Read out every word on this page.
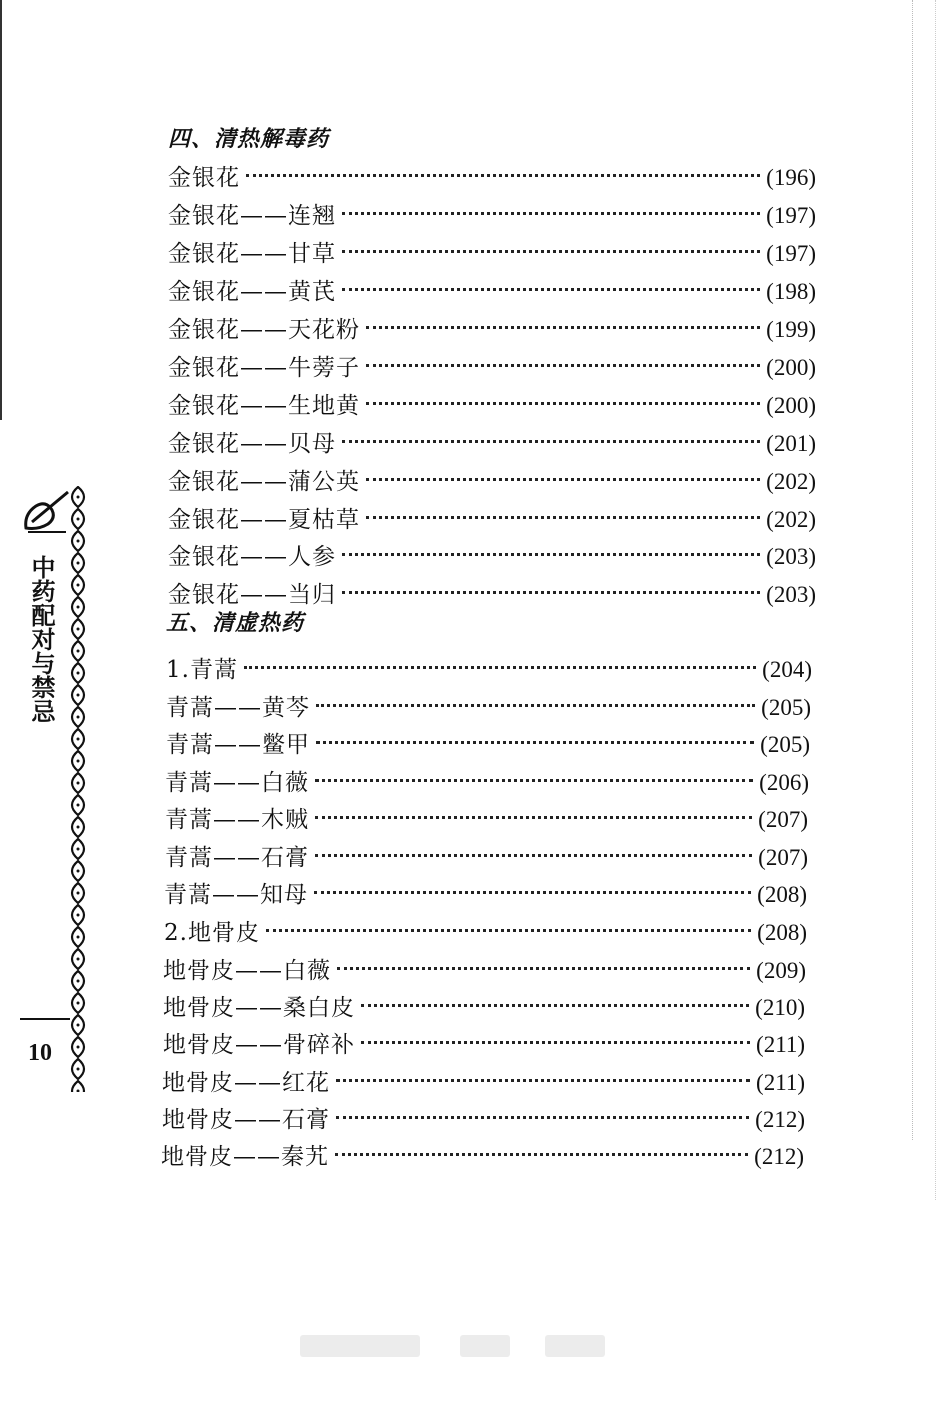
中药配对与禁忌
10
四、清热解毒药
金银花	(196)
金银花——连翘	(197)
金银花——甘草	(197)
金银花——黄芪	(198)
金银花——天花粉	(199)
金银花——牛蒡子	(200)
金银花——生地黄	(200)
金银花——贝母	(201)
金银花——蒲公英	(202)
金银花——夏枯草	(202)
金银花——人参	(203)
金银花——当归	(203)
五、清虚热药
1.青蒿	(204)
青蒿——黄芩	(205)
青蒿——鳖甲	(205)
青蒿——白薇	(206)
青蒿——木贼	(207)
青蒿——石膏	(207)
青蒿——知母	(208)
2.地骨皮	(208)
地骨皮——白薇	(209)
地骨皮——桑白皮	(210)
地骨皮——骨碎补	(211)
地骨皮——红花	(211)
地骨皮——石膏	(212)
地骨皮——秦艽	(212)
